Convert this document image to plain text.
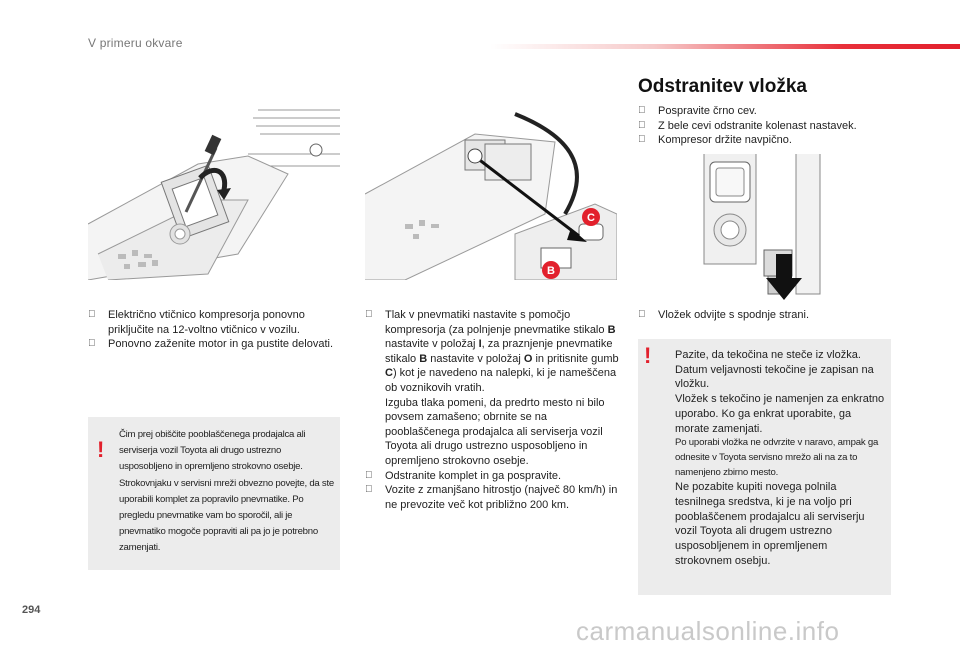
V primeru okvare
C
B
Električno vtičnico kompresorja ponovno priključite na 12-voltno vtičnico v vozilu.
Ponovno zaženite motor in ga pustite delovati.
!
Čim prej obiščite pooblaščenega prodajalca ali serviserja vozil Toyota ali drugo ustrezno usposobljeno in opremljeno strokovno osebje. Strokovnjaku v servisni mreži obvezno povejte, da ste uporabili komplet za popravilo pnevmatike. Po pregledu pnevmatike vam bo sporočil, ali je pnevmatiko mogoče popraviti ali pa jo je potrebno zamenjati.
Tlak v pnevmatiki nastavite s pomočjo kompresorja (za polnjenje pnevmatike stikalo B nastavite v položaj I, za praznjenje pnevmatike stikalo B nastavite v položaj O in pritisnite gumb C) kot je navedeno na nalepki, ki je nameščena ob voznikovih vratih.
Izguba tlaka pomeni, da predrto mesto ni bilo povsem zamašeno; obrnite se na pooblaščenega prodajalca ali serviserja vozil Toyota ali drugo ustrezno usposobljeno in opremljeno strokovno osebje.
Odstranite komplet in ga pospravite.
Vozite z zmanjšano hitrostjo (največ 80 km/h) in ne prevozite več kot približno 200 km.
Odstranitev vložka
Pospravite črno cev.
Z bele cevi odstranite kolenast nastavek.
Kompresor držite navpično.
Vložek odvijte s spodnje strani.
! Pazite, da tekočina ne steče iz vložka. Datum veljavnosti tekočine je zapisan na vložku.

Vložek s tekočino je namenjen za enkratno uporabo. Ko ga enkrat uporabite, ga morate zamenjati.

Po uporabi vložka ne odvrzite v naravo, ampak ga odnesite v Toyota servisno mrežo ali na za to namenjeno zbirno mesto.

Ne pozabite kupiti novega polnila tesnilnega sredstva, ki je na voljo pri pooblaščenem prodajalcu ali serviserju vozil Toyota ali drugem ustrezno usposobljenem in opremljenem strokovnem osebju.

294
carmanualsonline.info
